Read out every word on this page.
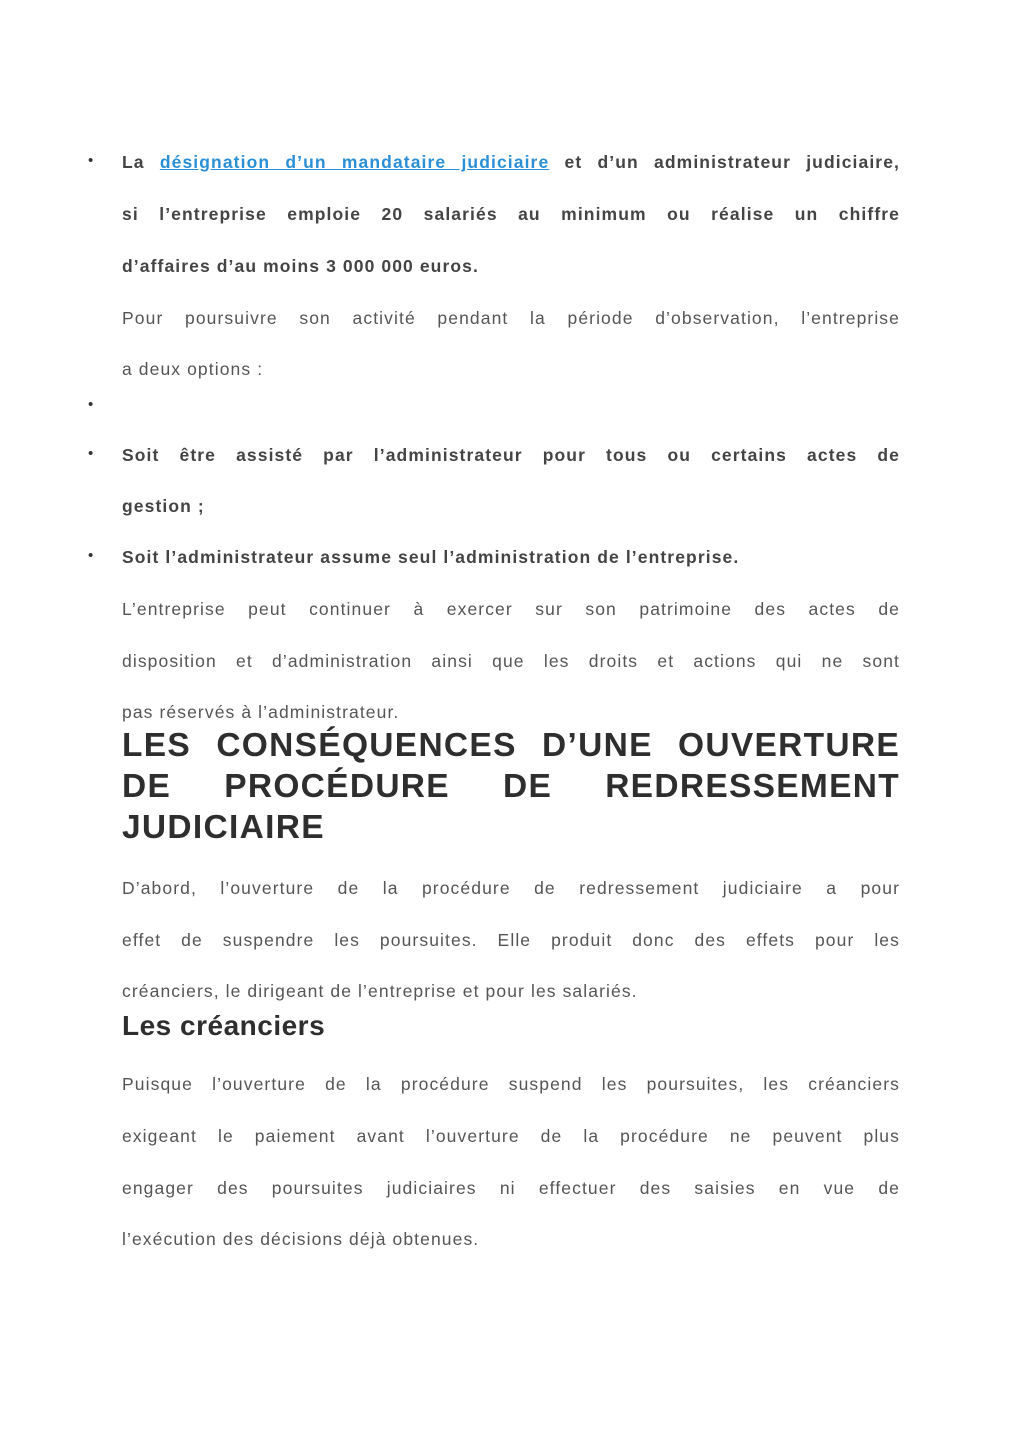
• La désignation d’un mandataire judiciaire et d’un administrateur judiciaire,
si l’entreprise emploie 20 salariés au minimum ou réalise un chiffre
d’affaires d’au moins 3 000 000 euros.
Pour poursuivre son activité pendant la période d’observation, l’entreprise
a deux options :
•
• Soit être assisté par l’administrateur pour tous ou certains actes de
gestion ;
• Soit l’administrateur assume seul l’administration de l’entreprise.
L’entreprise peut continuer à exercer sur son patrimoine des actes de
disposition et d’administration ainsi que les droits et actions qui ne sont
pas réservés à l’administrateur.
LES CONSÉQUENCES D’UNE OUVERTURE
DE PROCÉDURE DE REDRESSEMENT
JUDICIAIRE
D’abord, l’ouverture de la procédure de redressement judiciaire a pour
effet de suspendre les poursuites. Elle produit donc des effets pour les
créanciers, le dirigeant de l’entreprise et pour les salariés.
Les créanciers
Puisque l’ouverture de la procédure suspend les poursuites, les créanciers
exigeant le paiement avant l’ouverture de la procédure ne peuvent plus
engager des poursuites judiciaires ni effectuer des saisies en vue de
l’exécution des décisions déjà obtenues.
